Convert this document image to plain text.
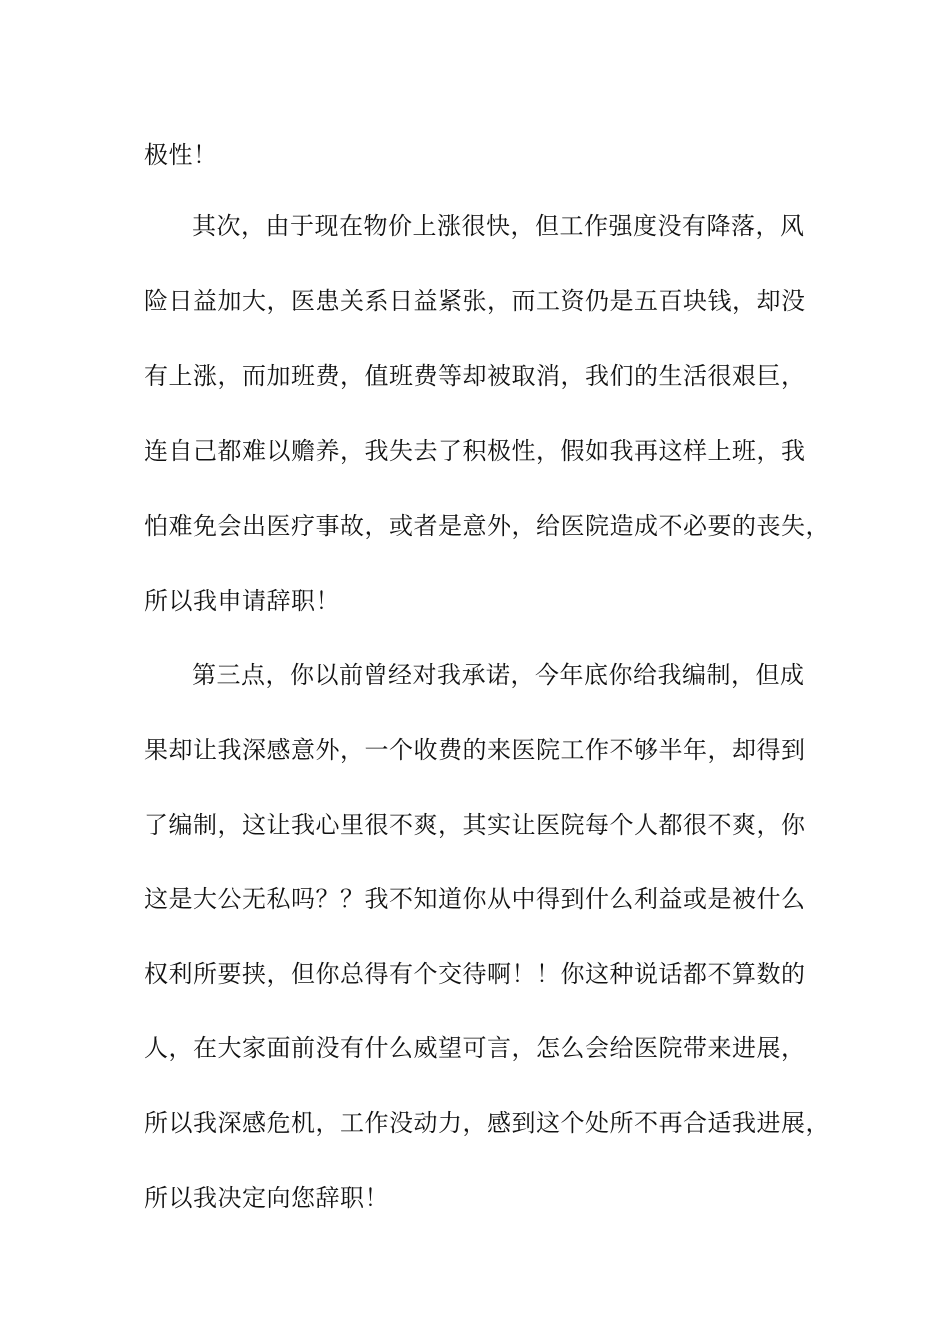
极性！
其次，由于现在物价上涨很快，但工作强度没有降落，风
险日益加大，医患关系日益紧张，而工资仍是五百块钱，却没
有上涨，而加班费，值班费等却被取消，我们的生活很艰巨，
连自己都难以赡养，我失去了积极性，假如我再这样上班，我
怕难免会出医疗事故，或者是意外，给医院造成不必要的丧失，
所以我申请辞职！
第三点，你以前曾经对我承诺，今年底你给我编制，但成
果却让我深感意外，一个收费的来医院工作不够半年，却得到
了编制，这让我心里很不爽，其实让医院每个人都很不爽，你
这是大公无私吗？？我不知道你从中得到什么利益或是被什么
权利所要挟，但你总得有个交待啊！！你这种说话都不算数的
人，在大家面前没有什么威望可言，怎么会给医院带来进展，
所以我深感危机，工作没动力，感到这个处所不再合适我进展，
所以我决定向您辞职！
